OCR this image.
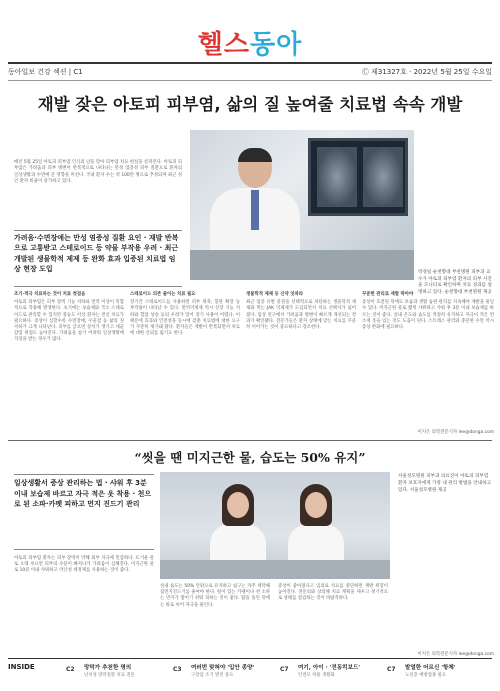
헬스동아
동아일보 건강 섹션 | C1	Ⓒ 제31327호 · 2022년 5월 25일 수요일
재발 잦은 아토피 피부염, 삶의 질 높여줄 치료법 속속 개발
매년 5월 25일 아토피 피부염 인식의 날을 맞아 피부염 치료 현실을 살펴본다. 아토피 피부염은 가려움과 피부 병변이 반복적으로 나타나는 만성 염증성 피부 질환으로 환자의 일상생활과 수면에 큰 영향을 미친다. 국내 환자 수는 약 100만 명으로 추정되며 최근 성인 환자 비율이 증가하고 있다.
가려움·수면장애는 만성 염증성 질환 요인 · 재발 반복으로 고통받고 스테로이드 등 약물 부작용 우려 · 최근 개발된 생물학적 제제 등 완화 효과 입증된 치료법 임상 현장 도입	박경일 순천향대 부천병원 피부과 교수가 아토피 피부염 환자의 피부 사진을 모니터로 확인하며 치료 경과를 설명하고 있다. 순천향대 부천병원 제공
조기·적극 치료하는 것이 치료 첫걸음
아토피 피부염은 피부 장벽 기능 저하와 면역 이상이 복합적으로 작용해 발생한다. 초기에는 보습제와 국소 스테로이드로 관리할 수 있지만 중등도 이상 환자는 전신 치료가 필요하다. 증상이 심할수록 수면장애, 우울감 등 삶의 질 저하가 크게 나타난다. 피부를 긁으면 상처가 생기고 세균 감염 위험도 높아진다. 가려움을 참기 어려워 일상생활에 지장을 받는 경우가 많다.
스테로이드 의존 줄이는 치료 필요
장기간 스테로이드를 사용하면 피부 위축, 혈관 확장 등 부작용이 나타날 수 있다. 면역억제제 역시 신장 기능 저하와 혈압 상승 등의 우려가 있어 장기 사용이 어렵다. 이 때문에 효과와 안전성을 동시에 갖춘 치료법에 대한 요구가 꾸준히 제기돼 왔다. 환자들은 재발이 반복되면서 치료에 대한 신뢰를 잃기도 한다.
생물학적 제제 등 신약 잇따라
최근 염증 유발 물질을 선택적으로 차단하는 생물학적 제제와 먹는 JAK 억제제가 도입되면서 치료 선택지가 넓어졌다. 임상 연구에서 가려움과 병변이 빠르게 개선되는 결과가 확인됐다. 전문가들은 환자 상태에 맞는 치료를 꾸준히 이어가는 것이 중요하다고 강조한다.
꾸준한 관리로 재발 막아야
증상이 호전된 뒤에도 보습과 생활 습관 관리를 지속해야 재발을 줄일 수 있다. 미지근한 물로 짧게 샤워하고 샤워 후 3분 이내 보습제를 바르는 것이 좋다. 실내 온도와 습도를 적절히 유지하고 자극이 적은 면 소재 옷을 입는 것도 도움이 된다. 스트레스 관리와 충분한 수면 역시 증상 완화에 필요하다.
이지은 의학전문기자 lee@donga.com
“씻을 땐 미지근한 물, 습도는 50% 유지”
일상생활서 증상 관리하는 법 · 샤워 후 3분 이내 보습제 바르고 자극 적은 옷 착용 · 천으로 된 소파·카펫 피하고 먼지 진드기 관리
서울성모병원 피부과 의료진이 아토피 피부염 환자 보호자에게 가정 내 관리 방법을 안내하고 있다. 서울성모병원 제공
아토피 피부염 환자는 피부 장벽이 약해 외부 자극에 민감하다. 뜨거운 물로 오래 씻으면 피부의 수분이 빠져나가 가려움이 심해진다. 미지근한 물로 10분 이내 샤워하고 약산성 세정제를 사용하는 것이 좋다.
실내 습도는 50% 안팎으로 유지하고 침구는 자주 세탁해 집먼지진드기를 줄여야 한다. 털이 있는 카펫이나 천 소파는 먼지가 쌓이기 쉬워 피하는 것이 좋다. 땀을 흘린 뒤에는 바로 씻어 자극을 줄인다.
증상이 좋아졌다고 임의로 치료를 중단하면 재발 위험이 높아진다. 전문의와 상의해 치료 계획을 세우고 정기적으로 상태를 점검하는 것이 바람직하다.
이지은 의학전문기자 lee@donga.com
INSIDE	C2 망막가 추천한 명의
난치성 망막질환 치료 전문
C3 여러번 맞혀야 '입안 종양'
구강암 조기 발견 중요
C7 여기, 아이 · '전동킥보드'
안전모 착용 생활화
C7 발열한 어르신 '항체'
노년층 예방접종 필요
